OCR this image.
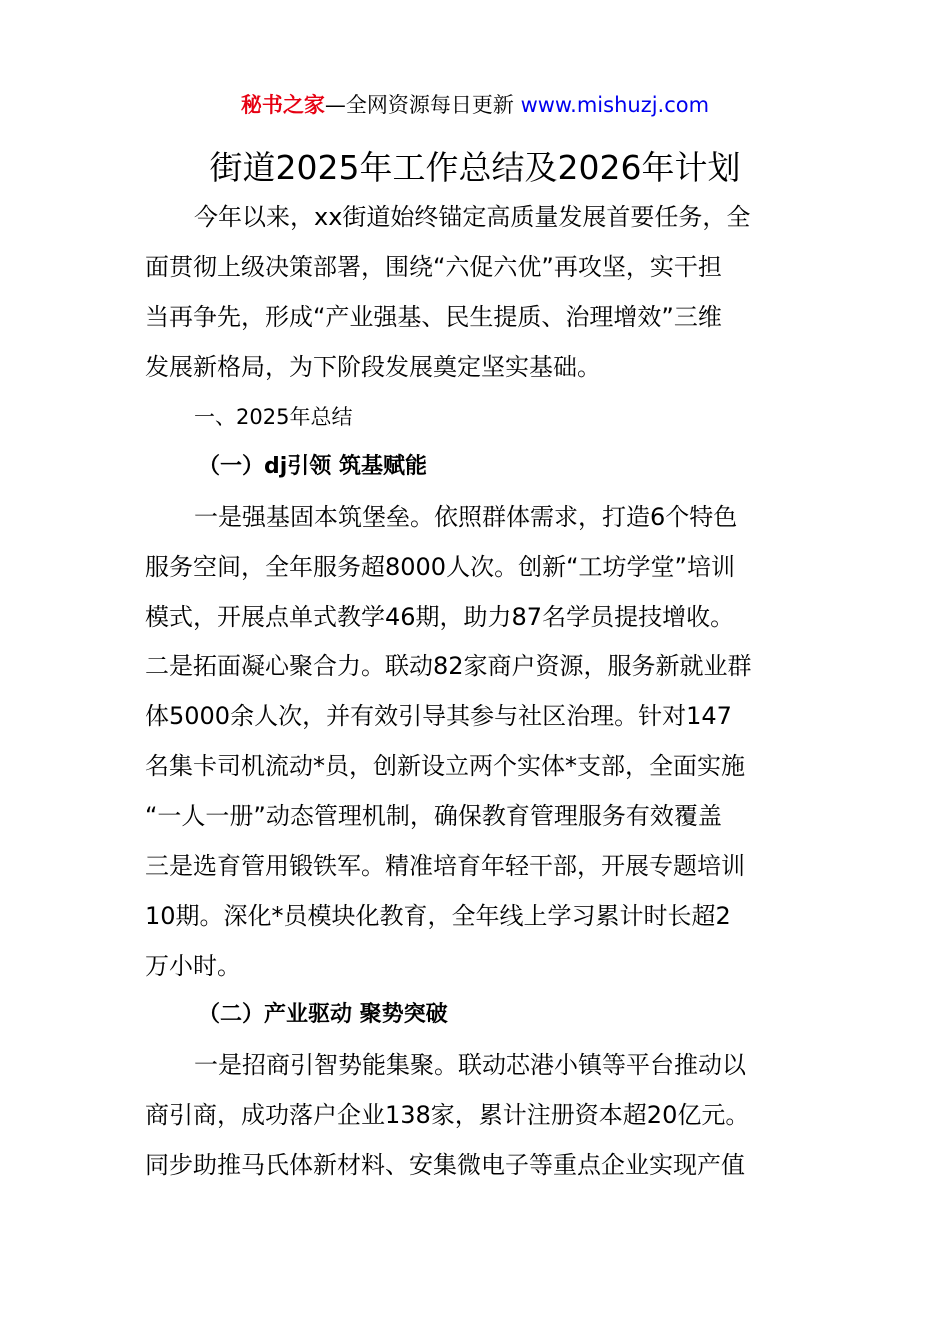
秘书之家—全网资源每日更新 www.mishuzj.com
街道2025年工作总结及2026年计划
今年以来，xx街道始终锚定高质量发展首要任务，全
面贯彻上级决策部署，围绕“六促六优”再攻坚，实干担
当再争先，形成“产业强基、民生提质、治理增效”三维
发展新格局，为下阶段发展奠定坚实基础。
一、2025年总结
（一）dj引领 筑基赋能
一是强基固本筑堡垒。依照群体需求，打造6个特色
服务空间，全年服务超8000人次。创新“工坊学堂”培训
模式，开展点单式教学46期，助力87名学员提技增收。
二是拓面凝心聚合力。联动82家商户资源，服务新就业群
体5000余人次，并有效引导其参与社区治理。针对147
名集卡司机流动*员，创新设立两个实体*支部，全面实施
“一人一册”动态管理机制，确保教育管理服务有效覆盖
三是选育管用锻铁军。精准培育年轻干部，开展专题培训
10期。深化*员模块化教育，全年线上学习累计时长超2
万小时。
（二）产业驱动 聚势突破
一是招商引智势能集聚。联动芯港小镇等平台推动以
商引商，成功落户企业138家，累计注册资本超20亿元。
同步助推马氏体新材料、安集微电子等重点企业实现产值
